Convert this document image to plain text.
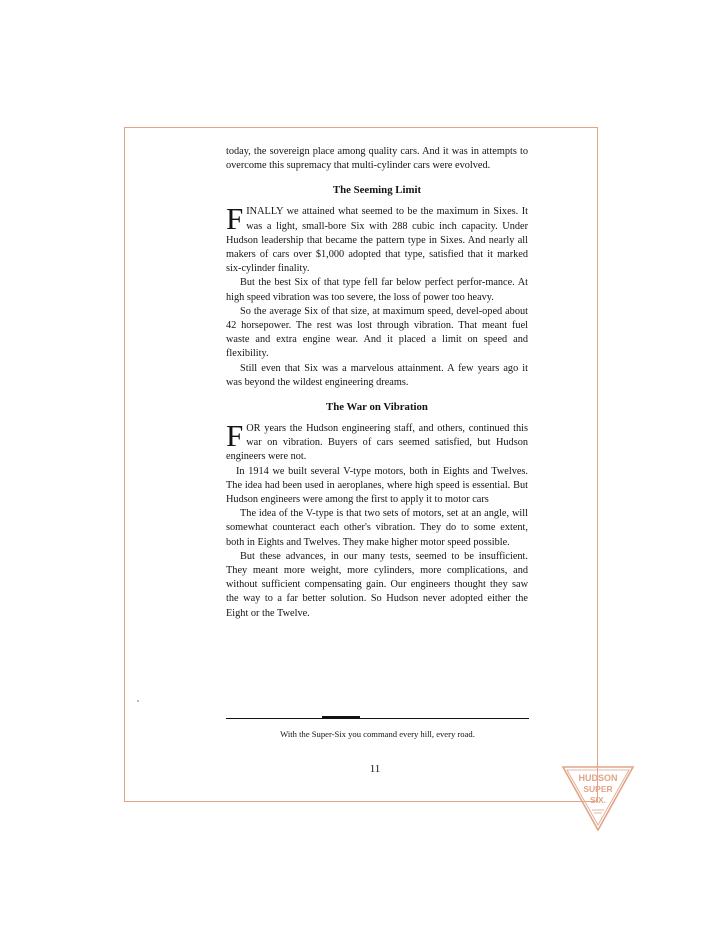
today, the sovereign place among quality cars. And it was in attempts to overcome this supremacy that multi-cylinder cars were evolved.

The Seeming Limit

FINALLY we attained what seemed to be the maximum in Sixes. It was a light, small-bore Six with 288 cubic inch capacity. Under Hudson leadership that became the pattern type in Sixes. And nearly all makers of cars over $1,000 adopted that type, satisfied that it marked six-cylinder finality.

But the best Six of that type fell far below perfect perfor-mance. At high speed vibration was too severe, the loss of power too heavy.

So the average Six of that size, at maximum speed, devel-oped about 42 horsepower. The rest was lost through vibration. That meant fuel waste and extra engine wear. And it placed a limit on speed and flexibility.

Still even that Six was a marvelous attainment. A few years ago it was beyond the wildest engineering dreams.

The War on Vibration

FOR years the Hudson engineering staff, and others, continued this war on vibration. Buyers of cars seemed satisfied, but Hudson engineers were not.

In 1914 we built several V-type motors, both in Eights and Twelves. The idea had been used in aeroplanes, where high speed is essential. But Hudson engineers were among the first to apply it to motor cars

The idea of the V-type is that two sets of motors, set at an angle, will somewhat counteract each other's vibration. They do to some extent, both in Eights and Twelves. They make higher motor speed possible.

But these advances, in our many tests, seemed to be insufficient. They meant more weight, more cylinders, more complications, and without sufficient compensating gain. Our engineers thought they saw the way to a far better solution. So Hudson never adopted either the Eight or the Twelve.

With the Super-Six you command every hill, every road.
11
HUDSON
SUPER
SIX.
